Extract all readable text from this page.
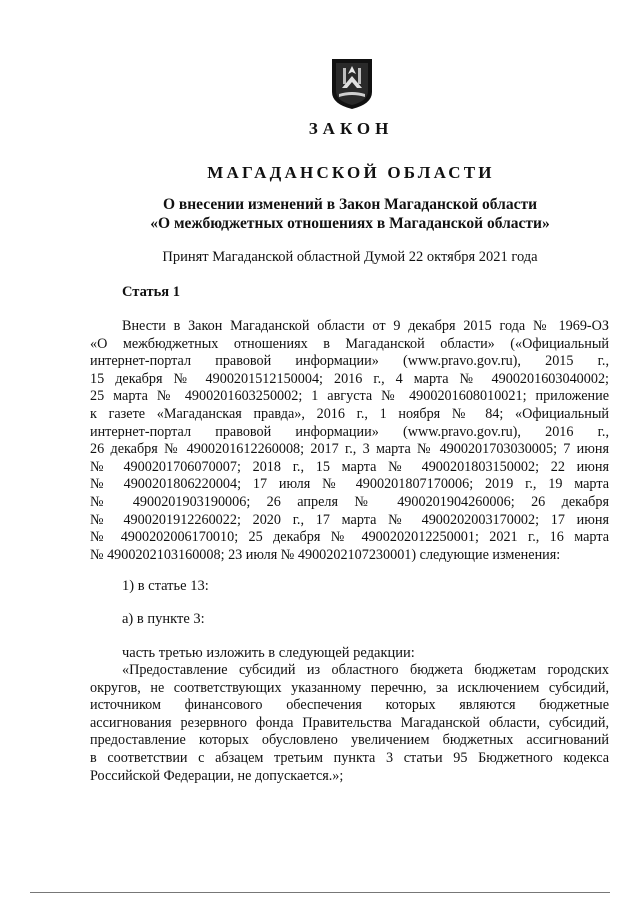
ЗАКОН
МАГАДАНСКОЙ ОБЛАСТИ
О внесении изменений в Закон Магаданской области
«О межбюджетных отношениях в Магаданской области»
Принят Магаданской областной Думой 22 октября 2021 года
Статья 1
Внести в Закон Магаданской области от 9 декабря 2015 года № 1969-ОЗ
«О межбюджетных отношениях в Магаданской области» («Официальный
интернет-портал правовой информации» (www.pravo.gov.ru), 2015 г.,
15 декабря № 4900201512150004; 2016 г., 4 марта № 4900201603040002;
25 марта № 4900201603250002; 1 августа № 4900201608010021; приложение
к газете «Магаданская правда», 2016 г., 1 ноября № 84; «Официальный
интернет-портал правовой информации» (www.pravo.gov.ru), 2016 г.,
26 декабря № 4900201612260008; 2017 г., 3 марта № 4900201703030005; 7 июня
№ 4900201706070007; 2018 г., 15 марта № 4900201803150002; 22 июня
№ 4900201806220004; 17 июля № 4900201807170006; 2019 г., 19 марта
№ 4900201903190006; 26 апреля № 4900201904260006; 26 декабря
№ 4900201912260022; 2020 г., 17 марта № 4900202003170002; 17 июня
№ 4900202006170010; 25 декабря № 4900202012250001; 2021 г., 16 марта
№ 4900202103160008; 23 июля № 4900202107230001) следующие изменения:
1) в статье 13:
а) в пункте 3:
часть третью изложить в следующей редакции:
«Предоставление субсидий из областного бюджета бюджетам городских
округов, не соответствующих указанному перечню, за исключением субсидий,
источником финансового обеспечения которых являются бюджетные
ассигнования резервного фонда Правительства Магаданской области, субсидий,
предоставление которых обусловлено увеличением бюджетных ассигнований
в соответствии с абзацем третьим пункта 3 статьи 95 Бюджетного кодекса
Российской Федерации, не допускается.»;
